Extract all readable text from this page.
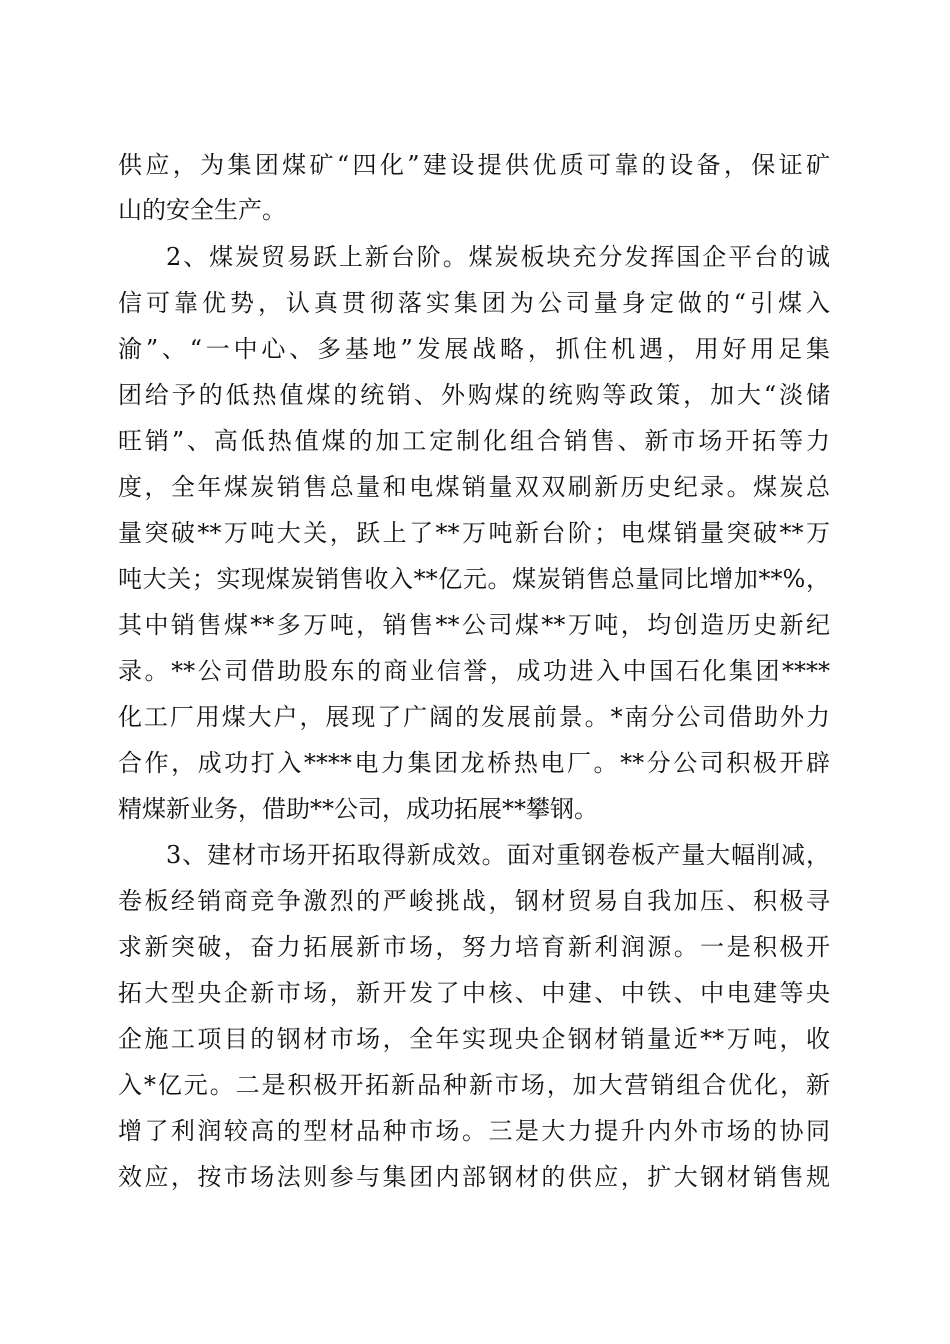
供应，为集团煤矿“四化”建设提供优质可靠的设备，保证矿
山的安全生产。
2、煤炭贸易跃上新台阶。煤炭板块充分发挥国企平台的诚
信可靠优势，认真贯彻落实集团为公司量身定做的“引煤入
渝”、“一中心、多基地”发展战略，抓住机遇，用好用足集
团给予的低热值煤的统销、外购煤的统购等政策，加大“淡储
旺销”、高低热值煤的加工定制化组合销售、新市场开拓等力
度，全年煤炭销售总量和电煤销量双双刷新历史纪录。煤炭总
量突破**万吨大关，跃上了**万吨新台阶；电煤销量突破**万
吨大关；实现煤炭销售收入**亿元。煤炭销售总量同比增加**%，
其中销售煤**多万吨，销售**公司煤**万吨，均创造历史新纪
录。**公司借助股东的商业信誉，成功进入中国石化集团****
化工厂用煤大户，展现了广阔的发展前景。*南分公司借助外力
合作，成功打入****电力集团龙桥热电厂。**分公司积极开辟
精煤新业务，借助**公司，成功拓展**攀钢。
3、建材市场开拓取得新成效。面对重钢卷板产量大幅削减，
卷板经销商竞争激烈的严峻挑战，钢材贸易自我加压、积极寻
求新突破，奋力拓展新市场，努力培育新利润源。一是积极开
拓大型央企新市场，新开发了中核、中建、中铁、中电建等央
企施工项目的钢材市场，全年实现央企钢材销量近**万吨，收
入*亿元。二是积极开拓新品种新市场，加大营销组合优化，新
增了利润较高的型材品种市场。三是大力提升内外市场的协同
效应，按市场法则参与集团内部钢材的供应，扩大钢材销售规
